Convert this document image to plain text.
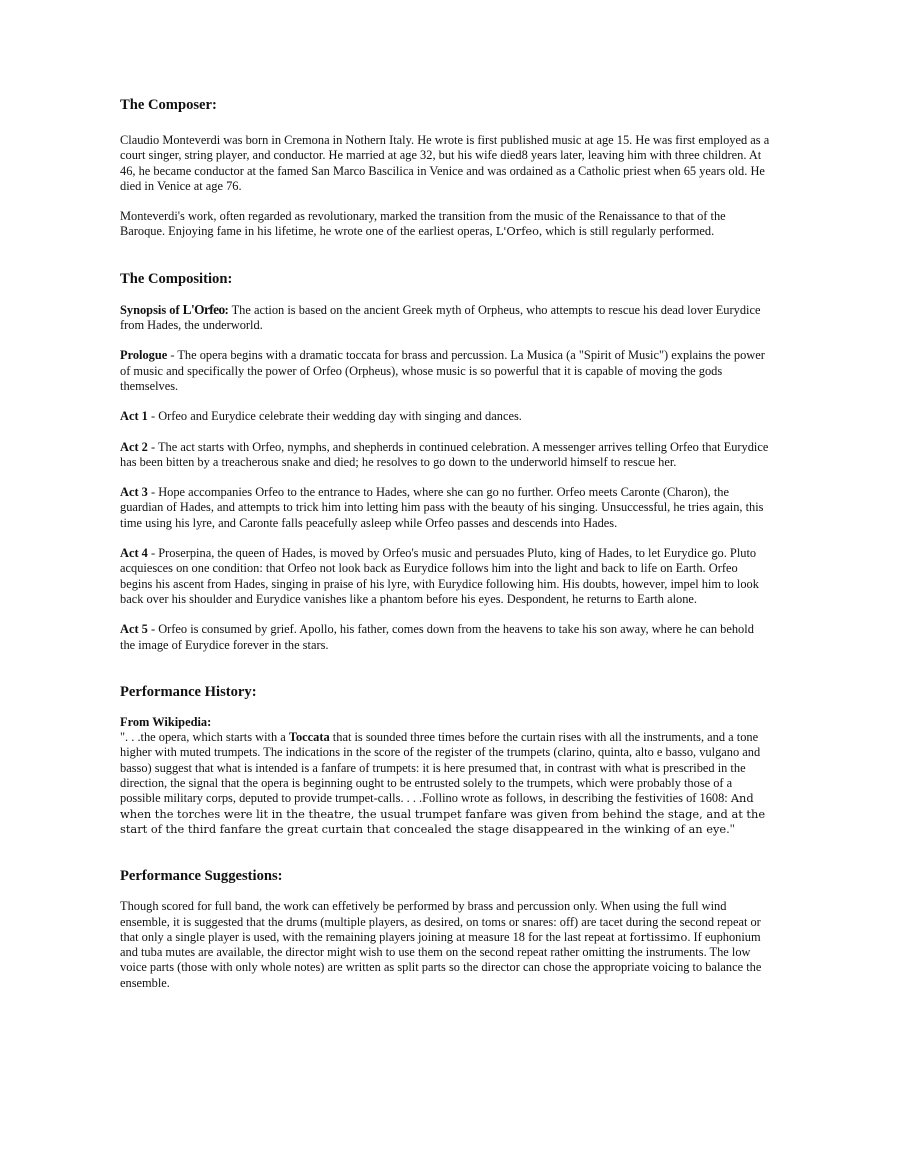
The Composer:

Claudio Monteverdi was born in Cremona in Nothern Italy. He wrote is first published music at age 15. He was first employed as a court singer, string player, and conductor. He married at age 32, but his wife died8 years later, leaving him with three children. At 46, he became conductor at the famed San Marco Bascilica in Venice and was ordained as a Catholic priest when 65 years old. He died in Venice at age 76.

Monteverdi's work, often regarded as revolutionary, marked the transition from the music of the Renaissance to that of the Baroque. Enjoying fame in his lifetime, he wrote one of the earliest operas, L'Orfeo, which is still regularly performed.

The Composition:

Synopsis of L'Orfeo: The action is based on the ancient Greek myth of Orpheus, who attempts to rescue his dead lover Eurydice from Hades, the underworld.

Prologue - The opera begins with a dramatic toccata for brass and percussion. La Musica (a "Spirit of Music") explains the power of music and specifically the power of Orfeo (Orpheus), whose music is so powerful that it is capable of moving the gods themselves.

Act 1 - Orfeo and Eurydice celebrate their wedding day with singing and dances.

Act 2 - The act starts with Orfeo, nymphs, and shepherds in continued celebration. A messenger arrives telling Orfeo that Eurydice has been bitten by a treacherous snake and died; he resolves to go down to the underworld himself to rescue her.

Act 3 - Hope accompanies Orfeo to the entrance to Hades, where she can go no further. Orfeo meets Caronte (Charon), the guardian of Hades, and attempts to trick him into letting him pass with the beauty of his singing. Unsuccessful, he tries again, this time using his lyre, and Caronte falls peacefully asleep while Orfeo passes and descends into Hades.

Act 4 - Proserpina, the queen of Hades, is moved by Orfeo's music and persuades Pluto, king of Hades, to let Eurydice go. Pluto acquiesces on one condition: that Orfeo not look back as Eurydice follows him into the light and back to life on Earth. Orfeo begins his ascent from Hades, singing in praise of his lyre, with Eurydice following him. His doubts, however, impel him to look back over his shoulder and Eurydice vanishes like a phantom before his eyes. Despondent, he returns to Earth alone.

Act 5 - Orfeo is consumed by grief. Apollo, his father, comes down from the heavens to take his son away, where he can behold the image of Eurydice forever in the stars.

Performance History:

From Wikipedia:

". . .the opera, which starts with a Toccata that is sounded three times before the curtain rises with all the instruments, and a tone higher with muted trumpets. The indications in the score of the register of the trumpets (clarino, quinta, alto e basso, vulgano and basso) suggest that what is intended is a fanfare of trumpets: it is here presumed that, in contrast with what is prescribed in the direction, the signal that the opera is beginning ought to be entrusted solely to the trumpets, which were probably those of a possible military corps, deputed to provide trumpet-calls. . . .Follino wrote as follows, in describing the festivities of 1608: And when the torches were lit in the theatre, the usual trumpet fanfare was given from behind the stage, and at the start of the third fanfare the great curtain that concealed the stage disappeared in the winking of an eye."

Performance Suggestions:

Though scored for full band, the work can effetively be performed by brass and percussion only. When using the full wind ensemble, it is suggested that the drums (multiple players, as desired, on toms or snares: off) are tacet during the second repeat or that only a single player is used, with the remaining players joining at measure 18 for the last repeat at fortissimo. If euphonium and tuba mutes are available, the director might wish to use them on the second repeat rather omitting the instruments. The low voice parts (those with only whole notes) are written as split parts so the director can chose the appropriate voicing to balance the ensemble.
